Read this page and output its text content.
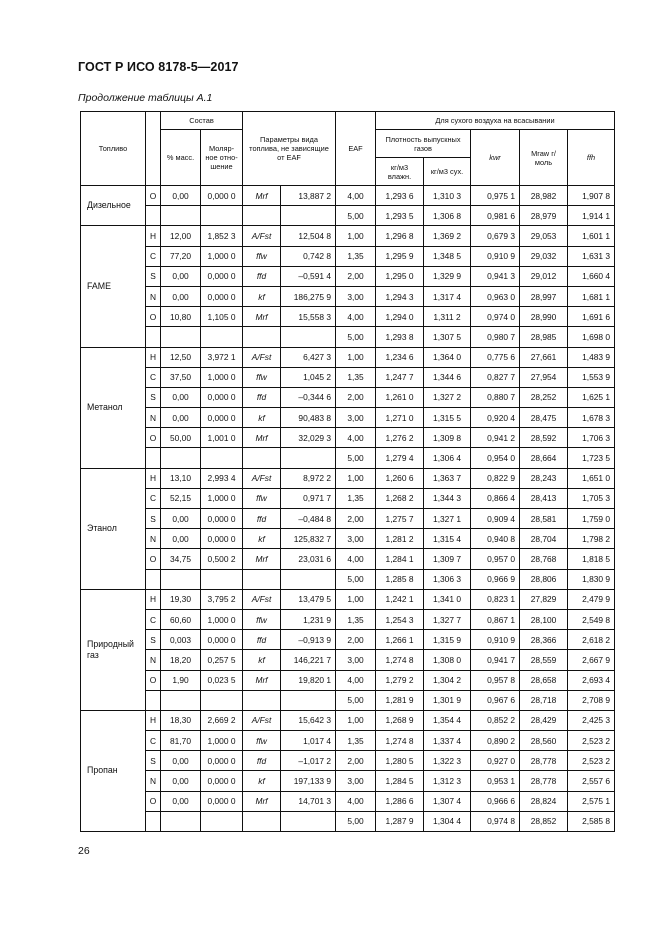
ГОСТ Р ИСО 8178-5—2017
Продолжение таблицы А.1
Топливо		Состав		Параметры вида топлива, не зависящие от EAF		EAF	Для сухого воздуха на всасывании				
		% масс.	Моляр-ное отно-шение				Плотность выпускных газов		kwr	Mraw г/моль	ffh
							кг/м3 влажн.	кг/м3 сух.			
Дизельное	O	0,00	0,000 0	Mrf	13,887 2	4,00	1,293 6	1,310 3	0,975 1	28,982	1,907 8
						5,00	1,293 5	1,306 8	0,981 6	28,979	1,914 1
FAME	H	12,00	1,852 3	A/Fst	12,504 8	1,00	1,296 8	1,369 2	0,679 3	29,053	1,601 1
	C	77,20	1,000 0	ffw	0,742 8	1,35	1,295 9	1,348 5	0,910 9	29,032	1,631 3
	S	0,00	0,000 0	ffd	–0,591 4	2,00	1,295 0	1,329 9	0,941 3	29,012	1,660 4
	N	0,00	0,000 0	kf	186,275 9	3,00	1,294 3	1,317 4	0,963 0	28,997	1,681 1
	O	10,80	1,105 0	Mrf	15,558 3	4,00	1,294 0	1,311 2	0,974 0	28,990	1,691 6
						5,00	1,293 8	1,307 5	0,980 7	28,985	1,698 0
Метанол	H	12,50	3,972 1	A/Fst	6,427 3	1,00	1,234 6	1,364 0	0,775 6	27,661	1,483 9
	C	37,50	1,000 0	ffw	1,045 2	1,35	1,247 7	1,344 6	0,827 7	27,954	1,553 9
	S	0,00	0,000 0	ffd	–0,344 6	2,00	1,261 0	1,327 2	0,880 7	28,252	1,625 1
	N	0,00	0,000 0	kf	90,483 8	3,00	1,271 0	1,315 5	0,920 4	28,475	1,678 3
	O	50,00	1,001 0	Mrf	32,029 3	4,00	1,276 2	1,309 8	0,941 2	28,592	1,706 3
						5,00	1,279 4	1,306 4	0,954 0	28,664	1,723 5
Этанол	H	13,10	2,993 4	A/Fst	8,972 2	1,00	1,260 6	1,363 7	0,822 9	28,243	1,651 0
	C	52,15	1,000 0	ffw	0,971 7	1,35	1,268 2	1,344 3	0,866 4	28,413	1,705 3
	S	0,00	0,000 0	ffd	–0,484 8	2,00	1,275 7	1,327 1	0,909 4	28,581	1,759 0
	N	0,00	0,000 0	kf	125,832 7	3,00	1,281 2	1,315 4	0,940 8	28,704	1,798 2
	O	34,75	0,500 2	Mrf	23,031 6	4,00	1,284 1	1,309 7	0,957 0	28,768	1,818 5
						5,00	1,285 8	1,306 3	0,966 9	28,806	1,830 9
Природный газ	H	19,30	3,795 2	A/Fst	13,479 5	1,00	1,242 1	1,341 0	0,823 1	27,829	2,479 9
	C	60,60	1,000 0	ffw	1,231 9	1,35	1,254 3	1,327 7	0,867 1	28,100	2,549 8
	S	0,003	0,000 0	ffd	–0,913 9	2,00	1,266 1	1,315 9	0,910 9	28,366	2,618 2
	N	18,20	0,257 5	kf	146,221 7	3,00	1,274 8	1,308 0	0,941 7	28,559	2,667 9
	O	1,90	0,023 5	Mrf	19,820 1	4,00	1,279 2	1,304 2	0,957 8	28,658	2,693 4
						5,00	1,281 9	1,301 9	0,967 6	28,718	2,708 9
Пропан	H	18,30	2,669 2	A/Fst	15,642 3	1,00	1,268 9	1,354 4	0,852 2	28,429	2,425 3
	C	81,70	1,000 0	ffw	1,017 4	1,35	1,274 8	1,337 4	0,890 2	28,560	2,523 2
	S	0,00	0,000 0	ffd	–1,017 2	2,00	1,280 5	1,322 3	0,927 0	28,778	2,523 2
	N	0,00	0,000 0	kf	197,133 9	3,00	1,284 5	1,312 3	0,953 1	28,778	2,557 6
	O	0,00	0,000 0	Mrf	14,701 3	4,00	1,286 6	1,307 4	0,966 6	28,824	2,575 1
						5,00	1,287 9	1,304 4	0,974 8	28,852	2,585 8
26
